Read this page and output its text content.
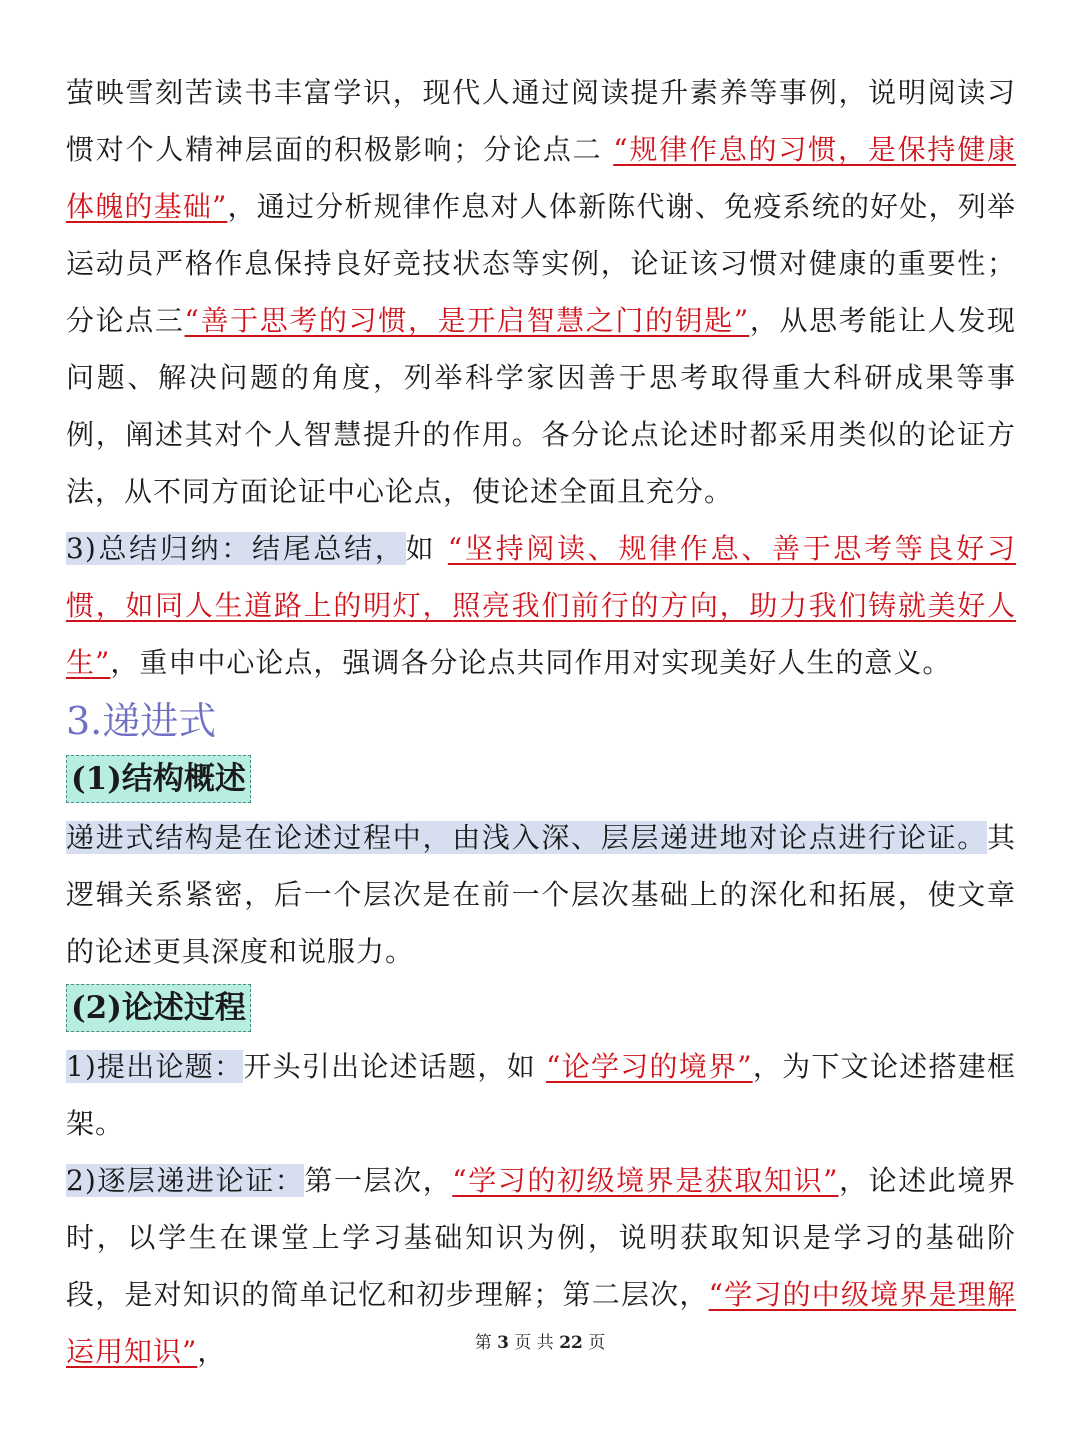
萤映雪刻苦读书丰富学识，现代人通过阅读提升素养等事例，说明阅读习惯对个人精神层面的积极影响；分论点二 “规律作息的习惯，是保持健康体魄的基础”，通过分析规律作息对人体新陈代谢、免疫系统的好处，列举运动员严格作息保持良好竞技状态等实例，论证该习惯对健康的重要性；分论点三“善于思考的习惯，是开启智慧之门的钥匙”，从思考能让人发现问题、解决问题的角度，列举科学家因善于思考取得重大科研成果等事例，阐述其对个人智慧提升的作用。各分论点论述时都采用类似的论证方法，从不同方面论证中心论点，使论述全面且充分。

3)总结归纳：结尾总结，如 “坚持阅读、规律作息、善于思考等良好习惯，如同人生道路上的明灯，照亮我们前行的方向，助力我们铸就美好人生”，重申中心论点，强调各分论点共同作用对实现美好人生的意义。

3.递进式
(1)结构概述

递进式结构是在论述过程中，由浅入深、层层递进地对论点进行论证。其逻辑关系紧密，后一个层次是在前一个层次基础上的深化和拓展，使文章的论述更具深度和说服力。

(2)论述过程

1)提出论题：开头引出论述话题，如 “论学习的境界”，为下文论述搭建框架。

2)逐层递进论证：第一层次，“学习的初级境界是获取知识”，论述此境界时，以学生在课堂上学习基础知识为例，说明获取知识是学习的基础阶段，是对知识的简单记忆和初步理解；第二层次，“学习的中级境界是理解运用知识”，	第 3 页 共 22 页
